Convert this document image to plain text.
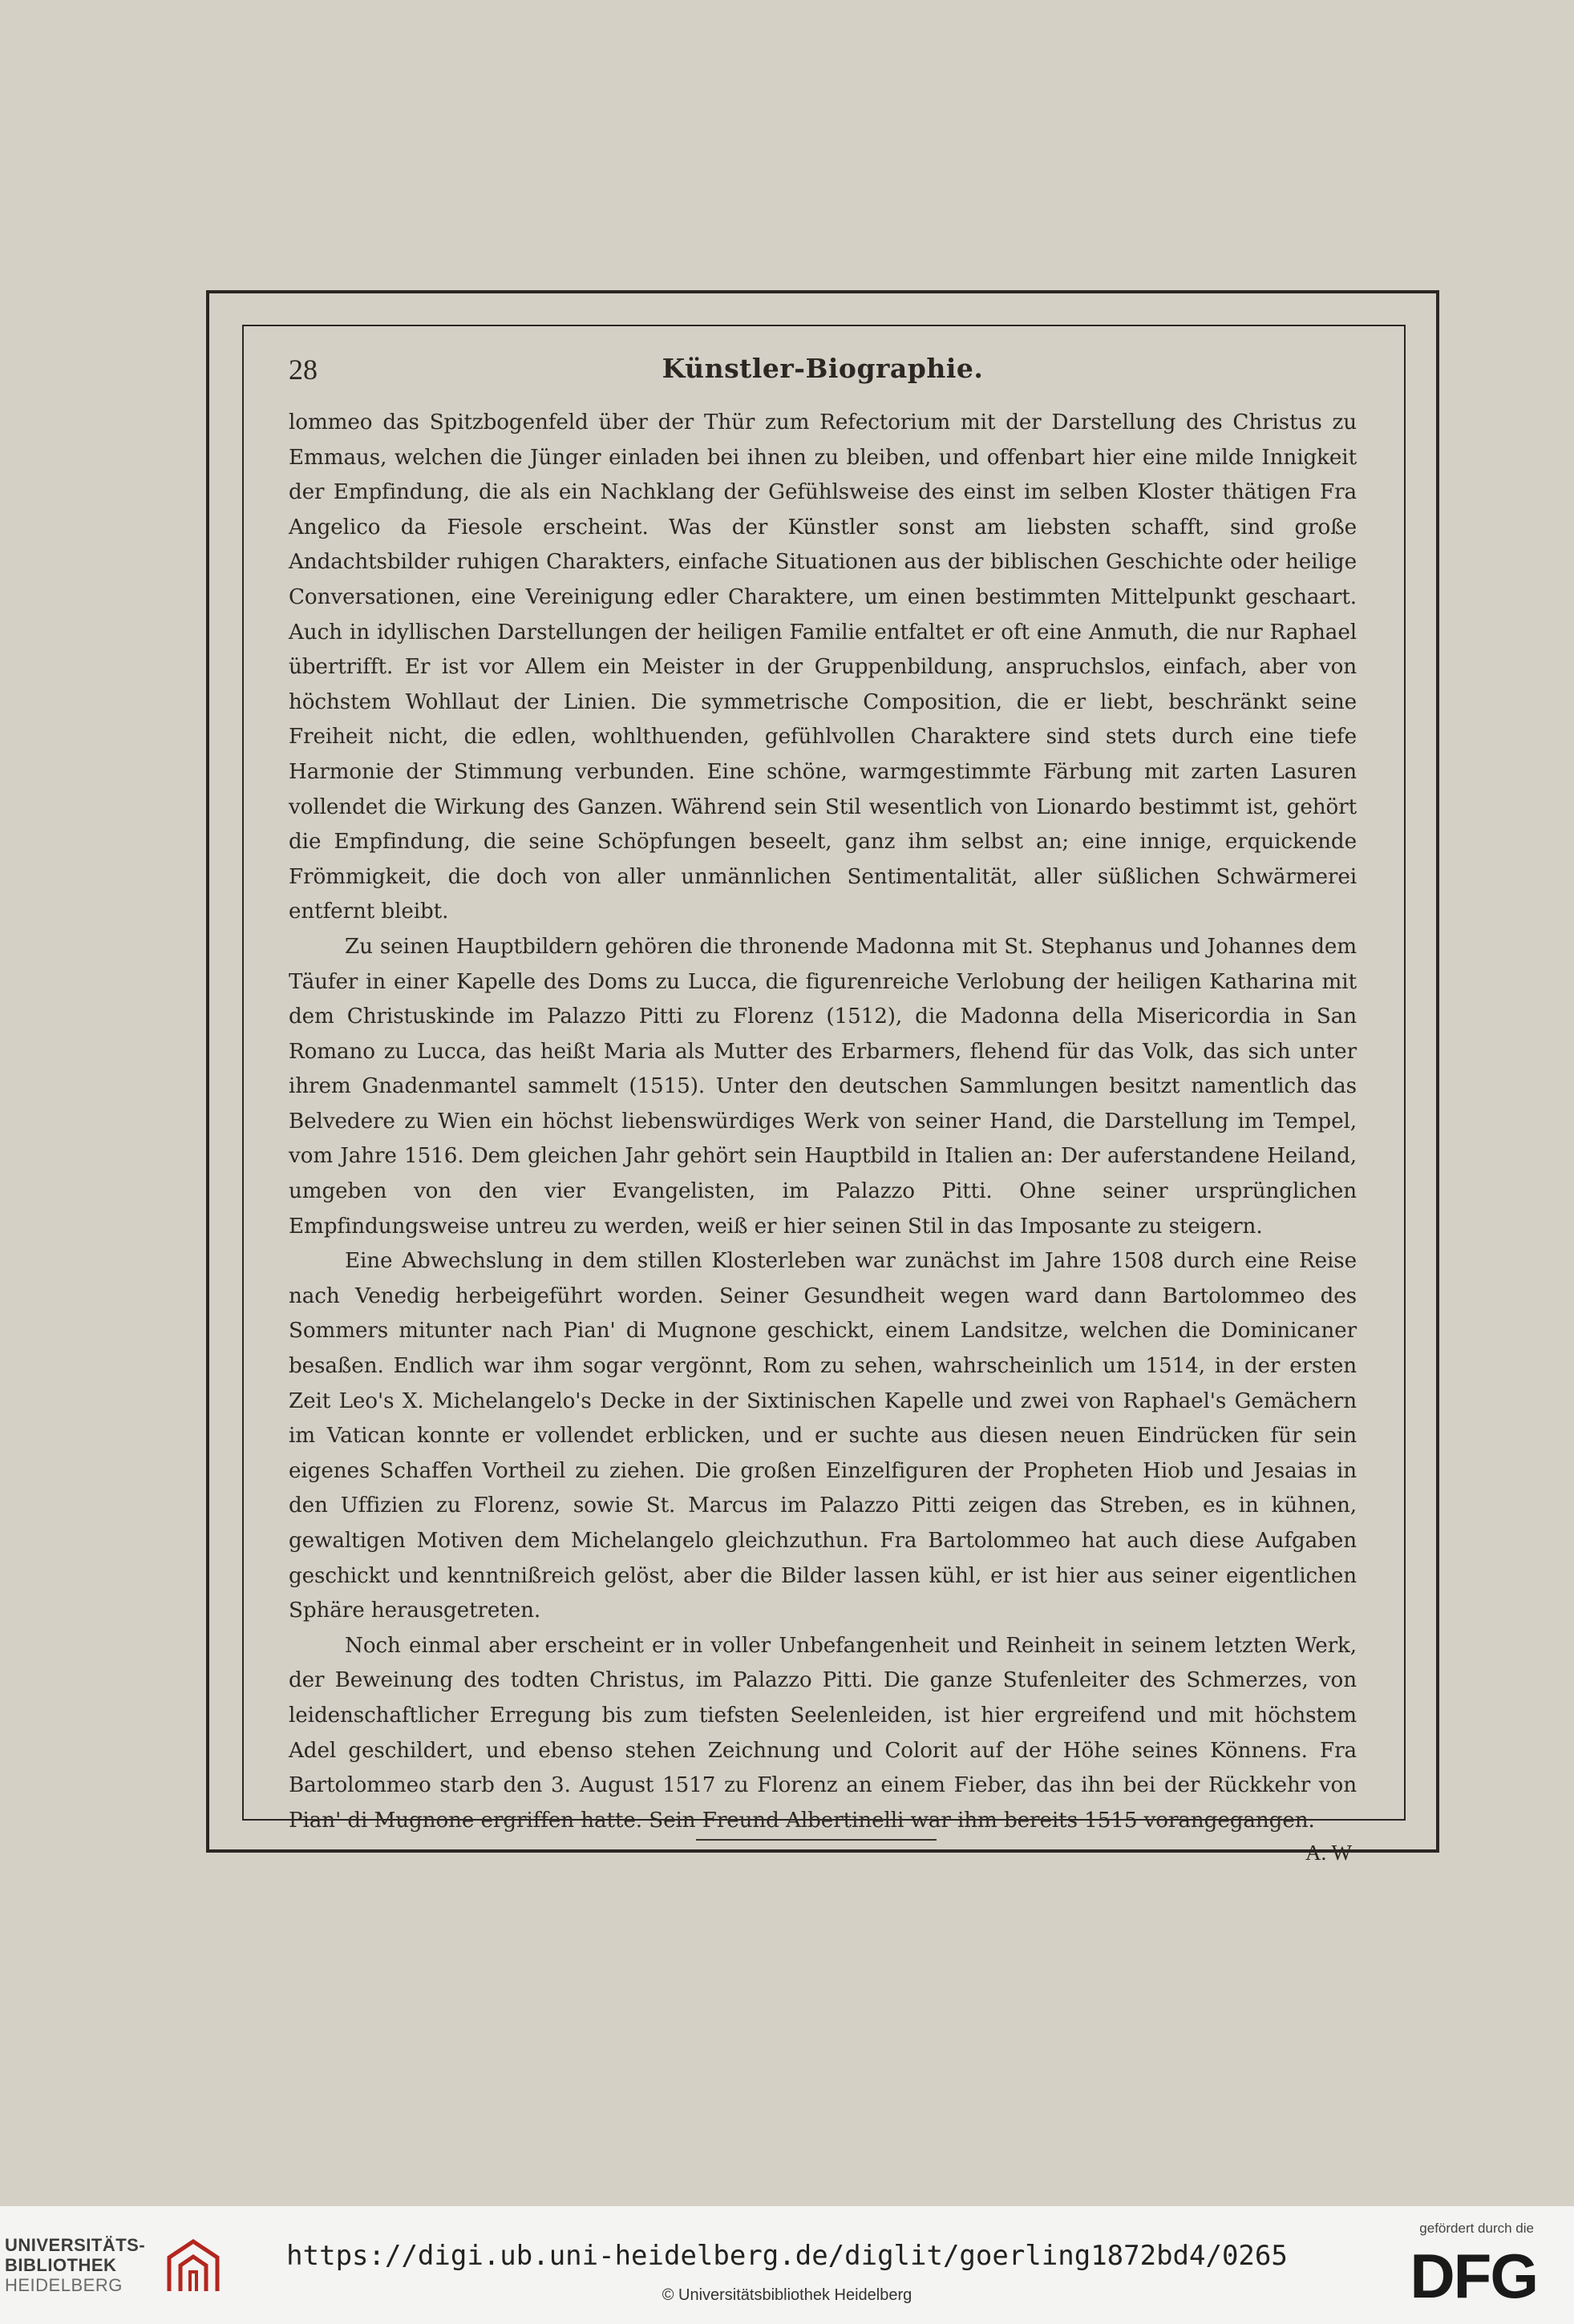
28	Künstler-Biographie.

lommeo das Spitzbogenfeld über der Thür zum Refectorium mit der Darstellung des Christus zu Emmaus, welchen die Jünger einladen bei ihnen zu bleiben, und offenbart hier eine milde Innigkeit der Empfindung, die als ein Nachklang der Gefühlsweise des einst im selben Kloster thätigen Fra Angelico da Fiesole erscheint. Was der Künstler sonst am liebsten schafft, sind große Andachtsbilder ruhigen Charakters, einfache Situationen aus der biblischen Geschichte oder heilige Conversationen, eine Vereinigung edler Charaktere, um einen bestimmten Mittelpunkt geschaart. Auch in idyllischen Darstellungen der heiligen Familie entfaltet er oft eine Anmuth, die nur Raphael übertrifft. Er ist vor Allem ein Meister in der Gruppenbildung, anspruchslos, einfach, aber von höchstem Wohllaut der Linien. Die symmetrische Composition, die er liebt, beschränkt seine Freiheit nicht, die edlen, wohlthuenden, gefühlvollen Charaktere sind stets durch eine tiefe Harmonie der Stimmung verbunden. Eine schöne, warmgestimmte Färbung mit zarten Lasuren vollendet die Wirkung des Ganzen. Während sein Stil wesentlich von Lionardo bestimmt ist, gehört die Empfindung, die seine Schöpfungen beseelt, ganz ihm selbst an; eine innige, erquickende Frömmigkeit, die doch von aller unmännlichen Sentimentalität, aller süßlichen Schwärmerei entfernt bleibt.

Zu seinen Hauptbildern gehören die thronende Madonna mit St. Stephanus und Johannes dem Täufer in einer Kapelle des Doms zu Lucca, die figurenreiche Verlobung der heiligen Katharina mit dem Christuskinde im Palazzo Pitti zu Florenz (1512), die Madonna della Misericordia in San Romano zu Lucca, das heißt Maria als Mutter des Erbarmers, flehend für das Volk, das sich unter ihrem Gnadenmantel sammelt (1515). Unter den deutschen Sammlungen besitzt namentlich das Belvedere zu Wien ein höchst liebenswürdiges Werk von seiner Hand, die Darstellung im Tempel, vom Jahre 1516. Dem gleichen Jahr gehört sein Hauptbild in Italien an: Der auferstandene Heiland, umgeben von den vier Evangelisten, im Palazzo Pitti. Ohne seiner ursprünglichen Empfindungsweise untreu zu werden, weiß er hier seinen Stil in das Imposante zu steigern.

Eine Abwechslung in dem stillen Klosterleben war zunächst im Jahre 1508 durch eine Reise nach Venedig herbeigeführt worden. Seiner Gesundheit wegen ward dann Bartolommeo des Sommers mitunter nach Pian' di Mugnone geschickt, einem Landsitze, welchen die Dominicaner besaßen. Endlich war ihm sogar vergönnt, Rom zu sehen, wahrscheinlich um 1514, in der ersten Zeit Leo's X. Michelangelo's Decke in der Sixtinischen Kapelle und zwei von Raphael's Gemächern im Vatican konnte er vollendet erblicken, und er suchte aus diesen neuen Eindrücken für sein eigenes Schaffen Vortheil zu ziehen. Die großen Einzelfiguren der Propheten Hiob und Jesaias in den Uffizien zu Florenz, sowie St. Marcus im Palazzo Pitti zeigen das Streben, es in kühnen, gewaltigen Motiven dem Michelangelo gleichzuthun. Fra Bartolommeo hat auch diese Aufgaben geschickt und kenntnißreich gelöst, aber die Bilder lassen kühl, er ist hier aus seiner eigentlichen Sphäre herausgetreten.

Noch einmal aber erscheint er in voller Unbefangenheit und Reinheit in seinem letzten Werk, der Beweinung des todten Christus, im Palazzo Pitti. Die ganze Stufenleiter des Schmerzes, von leidenschaftlicher Erregung bis zum tiefsten Seelenleiden, ist hier ergreifend und mit höchstem Adel geschildert, und ebenso stehen Zeichnung und Colorit auf der Höhe seines Könnens. Fra Bartolommeo starb den 3. August 1517 zu Florenz an einem Fieber, das ihn bei der Rückkehr von Pian' di Mugnone ergriffen hatte. Sein Freund Albertinelli war ihm bereits 1515 vorangegangen.

A. W
UNIVERSITÄTS-
BIBLIOTHEK
HEIDELBERG
https://digi.ub.uni-heidelberg.de/diglit/goerling1872bd4/0265
© Universitätsbibliothek Heidelberg
gefördert durch die
DFG
